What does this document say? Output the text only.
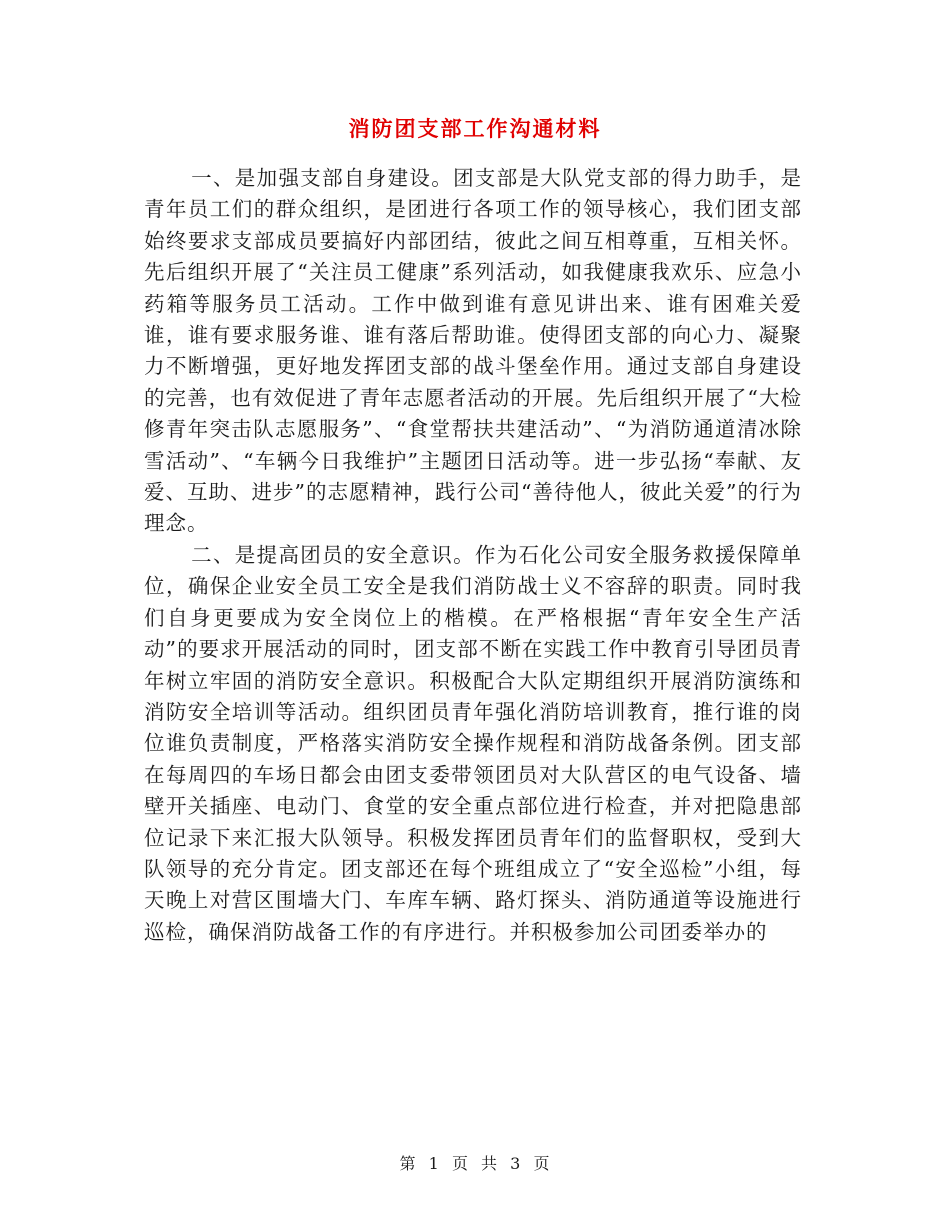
消防团支部工作沟通材料

一、是加强支部自身建设。团支部是大队党支部的得力助手，是青年员工们的群众组织，是团进行各项工作的领导核心，我们团支部始终要求支部成员要搞好内部团结，彼此之间互相尊重，互相关怀。先后组织开展了“关注员工健康”系列活动，如我健康我欢乐、应急小药箱等服务员工活动。工作中做到谁有意见讲出来、谁有困难关爱谁，谁有要求服务谁、谁有落后帮助谁。使得团支部的向心力、凝聚力不断增强，更好地发挥团支部的战斗堡垒作用。通过支部自身建设的完善，也有效促进了青年志愿者活动的开展。先后组织开展了“大检修青年突击队志愿服务”、“食堂帮扶共建活动”、“为消防通道清冰除雪活动”、“车辆今日我维护”主题团日活动等。进一步弘扬“奉献、友爱、互助、进步”的志愿精神，践行公司“善待他人，彼此关爱”的行为理念。

二、是提高团员的安全意识。作为石化公司安全服务救援保障单位，确保企业安全员工安全是我们消防战士义不容辞的职责。同时我们自身更要成为安全岗位上的楷模。在严格根据“青年安全生产活动”的要求开展活动的同时，团支部不断在实践工作中教育引导团员青年树立牢固的消防安全意识。积极配合大队定期组织开展消防演练和消防安全培训等活动。组织团员青年强化消防培训教育，推行谁的岗位谁负责制度，严格落实消防安全操作规程和消防战备条例。团支部在每周四的车场日都会由团支委带领团员对大队营区的电气设备、墙壁开关插座、电动门、食堂的安全重点部位进行检查，并对把隐患部位记录下来汇报大队领导。积极发挥团员青年们的监督职权，受到大队领导的充分肯定。团支部还在每个班组成立了“安全巡检”小组，每天晚上对营区围墙大门、车库车辆、路灯探头、消防通道等设施进行巡检，确保消防战备工作的有序进行。并积极参加公司团委举办的

第 1 页 共 3 页
